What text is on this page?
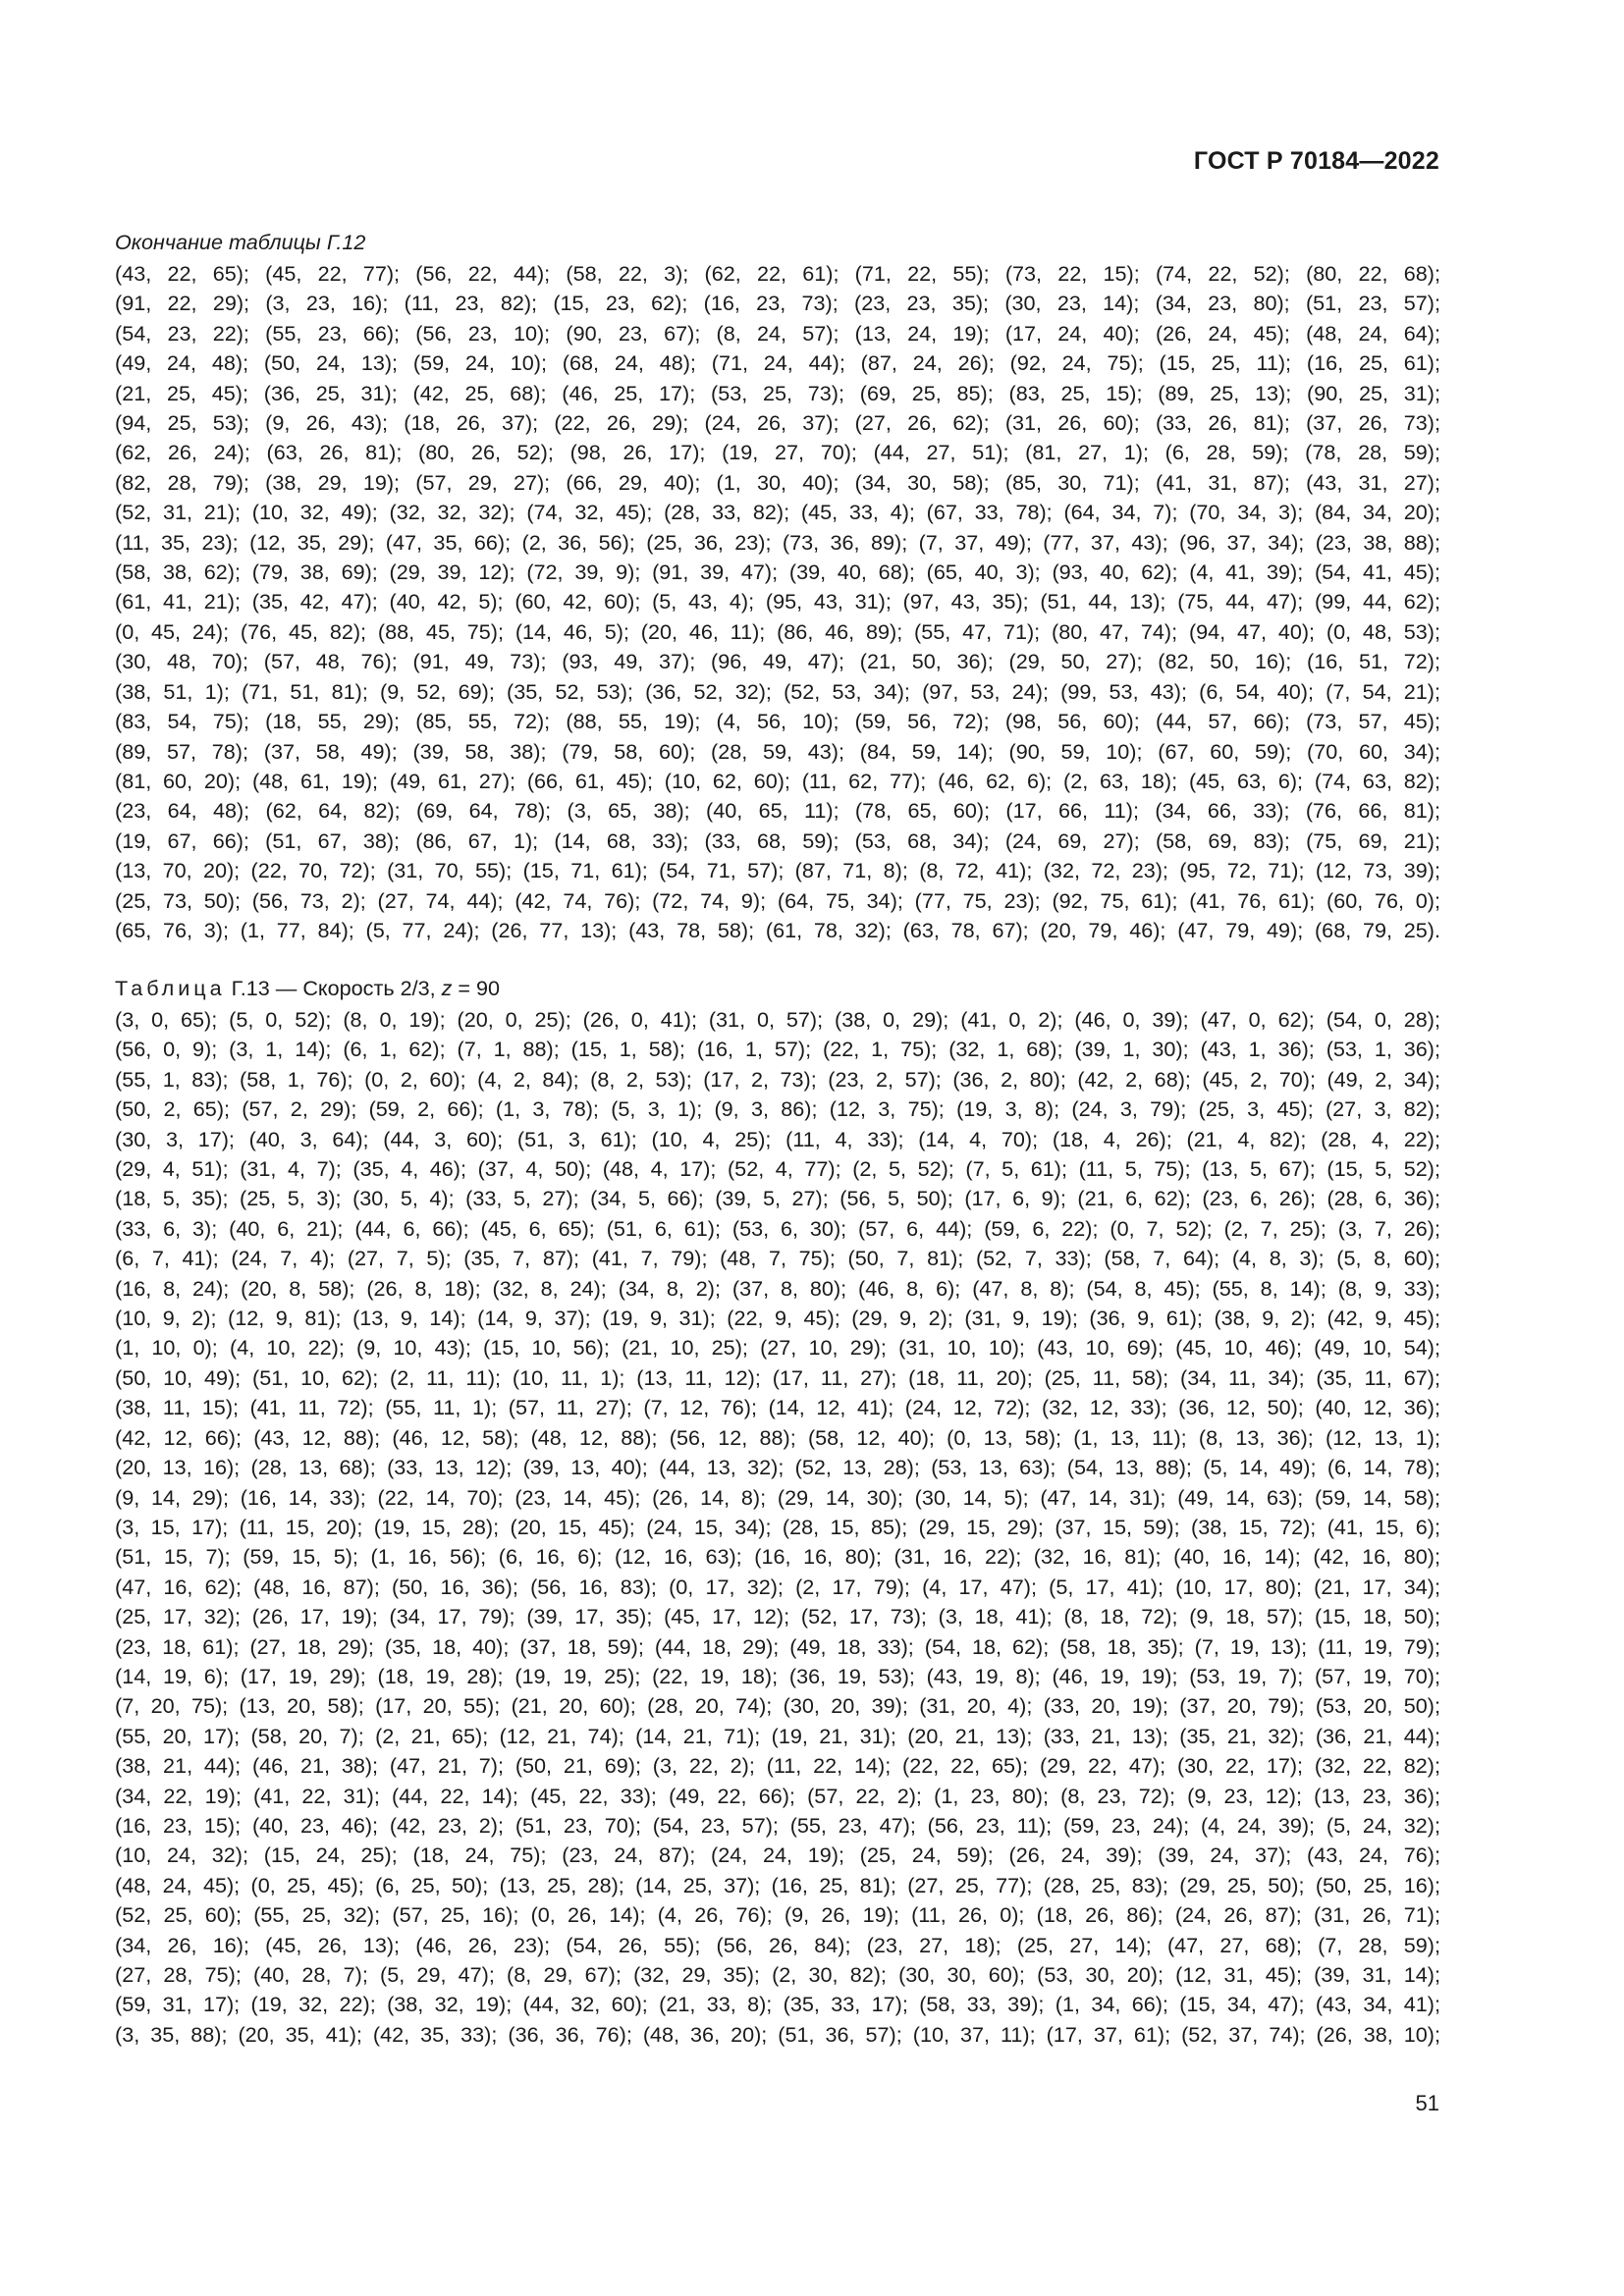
ГОСТ Р 70184—2022
Окончание таблицы Г.12
(43, 22, 65); (45, 22, 77); (56, 22, 44); (58, 22, 3); (62, 22, 61); (71, 22, 55); (73, 22, 15); (74, 22, 52); (80, 22, 68);
(91, 22, 29); (3, 23, 16); (11, 23, 82); (15, 23, 62); (16, 23, 73); (23, 23, 35); (30, 23, 14); (34, 23, 80); (51, 23, 57);
(54, 23, 22); (55, 23, 66); (56, 23, 10); (90, 23, 67); (8, 24, 57); (13, 24, 19); (17, 24, 40); (26, 24, 45); (48, 24, 64);
(49, 24, 48); (50, 24, 13); (59, 24, 10); (68, 24, 48); (71, 24, 44); (87, 24, 26); (92, 24, 75); (15, 25, 11); (16, 25, 61);
(21, 25, 45); (36, 25, 31); (42, 25, 68); (46, 25, 17); (53, 25, 73); (69, 25, 85); (83, 25, 15); (89, 25, 13); (90, 25, 31);
(94, 25, 53); (9, 26, 43); (18, 26, 37); (22, 26, 29); (24, 26, 37); (27, 26, 62); (31, 26, 60); (33, 26, 81); (37, 26, 73);
(62, 26, 24); (63, 26, 81); (80, 26, 52); (98, 26, 17); (19, 27, 70); (44, 27, 51); (81, 27, 1); (6, 28, 59); (78, 28, 59);
(82, 28, 79); (38, 29, 19); (57, 29, 27); (66, 29, 40); (1, 30, 40); (34, 30, 58); (85, 30, 71); (41, 31, 87); (43, 31, 27);
(52, 31, 21); (10, 32, 49); (32, 32, 32); (74, 32, 45); (28, 33, 82); (45, 33, 4); (67, 33, 78); (64, 34, 7); (70, 34, 3); (84, 34, 20);
(11, 35, 23); (12, 35, 29); (47, 35, 66); (2, 36, 56); (25, 36, 23); (73, 36, 89); (7, 37, 49); (77, 37, 43); (96, 37, 34); (23, 38, 88);
(58, 38, 62); (79, 38, 69); (29, 39, 12); (72, 39, 9); (91, 39, 47); (39, 40, 68); (65, 40, 3); (93, 40, 62); (4, 41, 39); (54, 41, 45);
(61, 41, 21); (35, 42, 47); (40, 42, 5); (60, 42, 60); (5, 43, 4); (95, 43, 31); (97, 43, 35); (51, 44, 13); (75, 44, 47); (99, 44, 62);
(0, 45, 24); (76, 45, 82); (88, 45, 75); (14, 46, 5); (20, 46, 11); (86, 46, 89); (55, 47, 71); (80, 47, 74); (94, 47, 40); (0, 48, 53);
(30, 48, 70); (57, 48, 76); (91, 49, 73); (93, 49, 37); (96, 49, 47); (21, 50, 36); (29, 50, 27); (82, 50, 16); (16, 51, 72);
(38, 51, 1); (71, 51, 81); (9, 52, 69); (35, 52, 53); (36, 52, 32); (52, 53, 34); (97, 53, 24); (99, 53, 43); (6, 54, 40); (7, 54, 21);
(83, 54, 75); (18, 55, 29); (85, 55, 72); (88, 55, 19); (4, 56, 10); (59, 56, 72); (98, 56, 60); (44, 57, 66); (73, 57, 45);
(89, 57, 78); (37, 58, 49); (39, 58, 38); (79, 58, 60); (28, 59, 43); (84, 59, 14); (90, 59, 10); (67, 60, 59); (70, 60, 34);
(81, 60, 20); (48, 61, 19); (49, 61, 27); (66, 61, 45); (10, 62, 60); (11, 62, 77); (46, 62, 6); (2, 63, 18); (45, 63, 6); (74, 63, 82);
(23, 64, 48); (62, 64, 82); (69, 64, 78); (3, 65, 38); (40, 65, 11); (78, 65, 60); (17, 66, 11); (34, 66, 33); (76, 66, 81);
(19, 67, 66); (51, 67, 38); (86, 67, 1); (14, 68, 33); (33, 68, 59); (53, 68, 34); (24, 69, 27); (58, 69, 83); (75, 69, 21);
(13, 70, 20); (22, 70, 72); (31, 70, 55); (15, 71, 61); (54, 71, 57); (87, 71, 8); (8, 72, 41); (32, 72, 23); (95, 72, 71); (12, 73, 39);
(25, 73, 50); (56, 73, 2); (27, 74, 44); (42, 74, 76); (72, 74, 9); (64, 75, 34); (77, 75, 23); (92, 75, 61); (41, 76, 61); (60, 76, 0);
(65, 76, 3); (1, 77, 84); (5, 77, 24); (26, 77, 13); (43, 78, 58); (61, 78, 32); (63, 78, 67); (20, 79, 46); (47, 79, 49); (68, 79, 25).
Таблица Г.13 — Скорость 2/3, z = 90
(3, 0, 65); (5, 0, 52); (8, 0, 19); (20, 0, 25); (26, 0, 41); (31, 0, 57); (38, 0, 29); (41, 0, 2); (46, 0, 39); (47, 0, 62); (54, 0, 28);
(56, 0, 9); (3, 1, 14); (6, 1, 62); (7, 1, 88); (15, 1, 58); (16, 1, 57); (22, 1, 75); (32, 1, 68); (39, 1, 30); (43, 1, 36); (53, 1, 36);
(55, 1, 83); (58, 1, 76); (0, 2, 60); (4, 2, 84); (8, 2, 53); (17, 2, 73); (23, 2, 57); (36, 2, 80); (42, 2, 68); (45, 2, 70); (49, 2, 34);
(50, 2, 65); (57, 2, 29); (59, 2, 66); (1, 3, 78); (5, 3, 1); (9, 3, 86); (12, 3, 75); (19, 3, 8); (24, 3, 79); (25, 3, 45); (27, 3, 82);
(30, 3, 17); (40, 3, 64); (44, 3, 60); (51, 3, 61); (10, 4, 25); (11, 4, 33); (14, 4, 70); (18, 4, 26); (21, 4, 82); (28, 4, 22);
(29, 4, 51); (31, 4, 7); (35, 4, 46); (37, 4, 50); (48, 4, 17); (52, 4, 77); (2, 5, 52); (7, 5, 61); (11, 5, 75); (13, 5, 67); (15, 5, 52);
(18, 5, 35); (25, 5, 3); (30, 5, 4); (33, 5, 27); (34, 5, 66); (39, 5, 27); (56, 5, 50); (17, 6, 9); (21, 6, 62); (23, 6, 26); (28, 6, 36);
(33, 6, 3); (40, 6, 21); (44, 6, 66); (45, 6, 65); (51, 6, 61); (53, 6, 30); (57, 6, 44); (59, 6, 22); (0, 7, 52); (2, 7, 25); (3, 7, 26);
(6, 7, 41); (24, 7, 4); (27, 7, 5); (35, 7, 87); (41, 7, 79); (48, 7, 75); (50, 7, 81); (52, 7, 33); (58, 7, 64); (4, 8, 3); (5, 8, 60);
(16, 8, 24); (20, 8, 58); (26, 8, 18); (32, 8, 24); (34, 8, 2); (37, 8, 80); (46, 8, 6); (47, 8, 8); (54, 8, 45); (55, 8, 14); (8, 9, 33);
(10, 9, 2); (12, 9, 81); (13, 9, 14); (14, 9, 37); (19, 9, 31); (22, 9, 45); (29, 9, 2); (31, 9, 19); (36, 9, 61); (38, 9, 2); (42, 9, 45);
(1, 10, 0); (4, 10, 22); (9, 10, 43); (15, 10, 56); (21, 10, 25); (27, 10, 29); (31, 10, 10); (43, 10, 69); (45, 10, 46); (49, 10, 54);
(50, 10, 49); (51, 10, 62); (2, 11, 11); (10, 11, 1); (13, 11, 12); (17, 11, 27); (18, 11, 20); (25, 11, 58); (34, 11, 34); (35, 11, 67);
(38, 11, 15); (41, 11, 72); (55, 11, 1); (57, 11, 27); (7, 12, 76); (14, 12, 41); (24, 12, 72); (32, 12, 33); (36, 12, 50); (40, 12, 36);
(42, 12, 66); (43, 12, 88); (46, 12, 58); (48, 12, 88); (56, 12, 88); (58, 12, 40); (0, 13, 58); (1, 13, 11); (8, 13, 36); (12, 13, 1);
(20, 13, 16); (28, 13, 68); (33, 13, 12); (39, 13, 40); (44, 13, 32); (52, 13, 28); (53, 13, 63); (54, 13, 88); (5, 14, 49); (6, 14, 78);
(9, 14, 29); (16, 14, 33); (22, 14, 70); (23, 14, 45); (26, 14, 8); (29, 14, 30); (30, 14, 5); (47, 14, 31); (49, 14, 63); (59, 14, 58);
(3, 15, 17); (11, 15, 20); (19, 15, 28); (20, 15, 45); (24, 15, 34); (28, 15, 85); (29, 15, 29); (37, 15, 59); (38, 15, 72); (41, 15, 6);
(51, 15, 7); (59, 15, 5); (1, 16, 56); (6, 16, 6); (12, 16, 63); (16, 16, 80); (31, 16, 22); (32, 16, 81); (40, 16, 14); (42, 16, 80);
(47, 16, 62); (48, 16, 87); (50, 16, 36); (56, 16, 83); (0, 17, 32); (2, 17, 79); (4, 17, 47); (5, 17, 41); (10, 17, 80); (21, 17, 34);
(25, 17, 32); (26, 17, 19); (34, 17, 79); (39, 17, 35); (45, 17, 12); (52, 17, 73); (3, 18, 41); (8, 18, 72); (9, 18, 57); (15, 18, 50);
(23, 18, 61); (27, 18, 29); (35, 18, 40); (37, 18, 59); (44, 18, 29); (49, 18, 33); (54, 18, 62); (58, 18, 35); (7, 19, 13); (11, 19, 79);
(14, 19, 6); (17, 19, 29); (18, 19, 28); (19, 19, 25); (22, 19, 18); (36, 19, 53); (43, 19, 8); (46, 19, 19); (53, 19, 7); (57, 19, 70);
(7, 20, 75); (13, 20, 58); (17, 20, 55); (21, 20, 60); (28, 20, 74); (30, 20, 39); (31, 20, 4); (33, 20, 19); (37, 20, 79); (53, 20, 50);
(55, 20, 17); (58, 20, 7); (2, 21, 65); (12, 21, 74); (14, 21, 71); (19, 21, 31); (20, 21, 13); (33, 21, 13); (35, 21, 32); (36, 21, 44);
(38, 21, 44); (46, 21, 38); (47, 21, 7); (50, 21, 69); (3, 22, 2); (11, 22, 14); (22, 22, 65); (29, 22, 47); (30, 22, 17); (32, 22, 82);
(34, 22, 19); (41, 22, 31); (44, 22, 14); (45, 22, 33); (49, 22, 66); (57, 22, 2); (1, 23, 80); (8, 23, 72); (9, 23, 12); (13, 23, 36);
(16, 23, 15); (40, 23, 46); (42, 23, 2); (51, 23, 70); (54, 23, 57); (55, 23, 47); (56, 23, 11); (59, 23, 24); (4, 24, 39); (5, 24, 32);
(10, 24, 32); (15, 24, 25); (18, 24, 75); (23, 24, 87); (24, 24, 19); (25, 24, 59); (26, 24, 39); (39, 24, 37); (43, 24, 76);
(48, 24, 45); (0, 25, 45); (6, 25, 50); (13, 25, 28); (14, 25, 37); (16, 25, 81); (27, 25, 77); (28, 25, 83); (29, 25, 50); (50, 25, 16);
(52, 25, 60); (55, 25, 32); (57, 25, 16); (0, 26, 14); (4, 26, 76); (9, 26, 19); (11, 26, 0); (18, 26, 86); (24, 26, 87); (31, 26, 71);
(34, 26, 16); (45, 26, 13); (46, 26, 23); (54, 26, 55); (56, 26, 84); (23, 27, 18); (25, 27, 14); (47, 27, 68); (7, 28, 59);
(27, 28, 75); (40, 28, 7); (5, 29, 47); (8, 29, 67); (32, 29, 35); (2, 30, 82); (30, 30, 60); (53, 30, 20); (12, 31, 45); (39, 31, 14);
(59, 31, 17); (19, 32, 22); (38, 32, 19); (44, 32, 60); (21, 33, 8); (35, 33, 17); (58, 33, 39); (1, 34, 66); (15, 34, 47); (43, 34, 41);
(3, 35, 88); (20, 35, 41); (42, 35, 33); (36, 36, 76); (48, 36, 20); (51, 36, 57); (10, 37, 11); (17, 37, 61); (52, 37, 74); (26, 38, 10);
51
